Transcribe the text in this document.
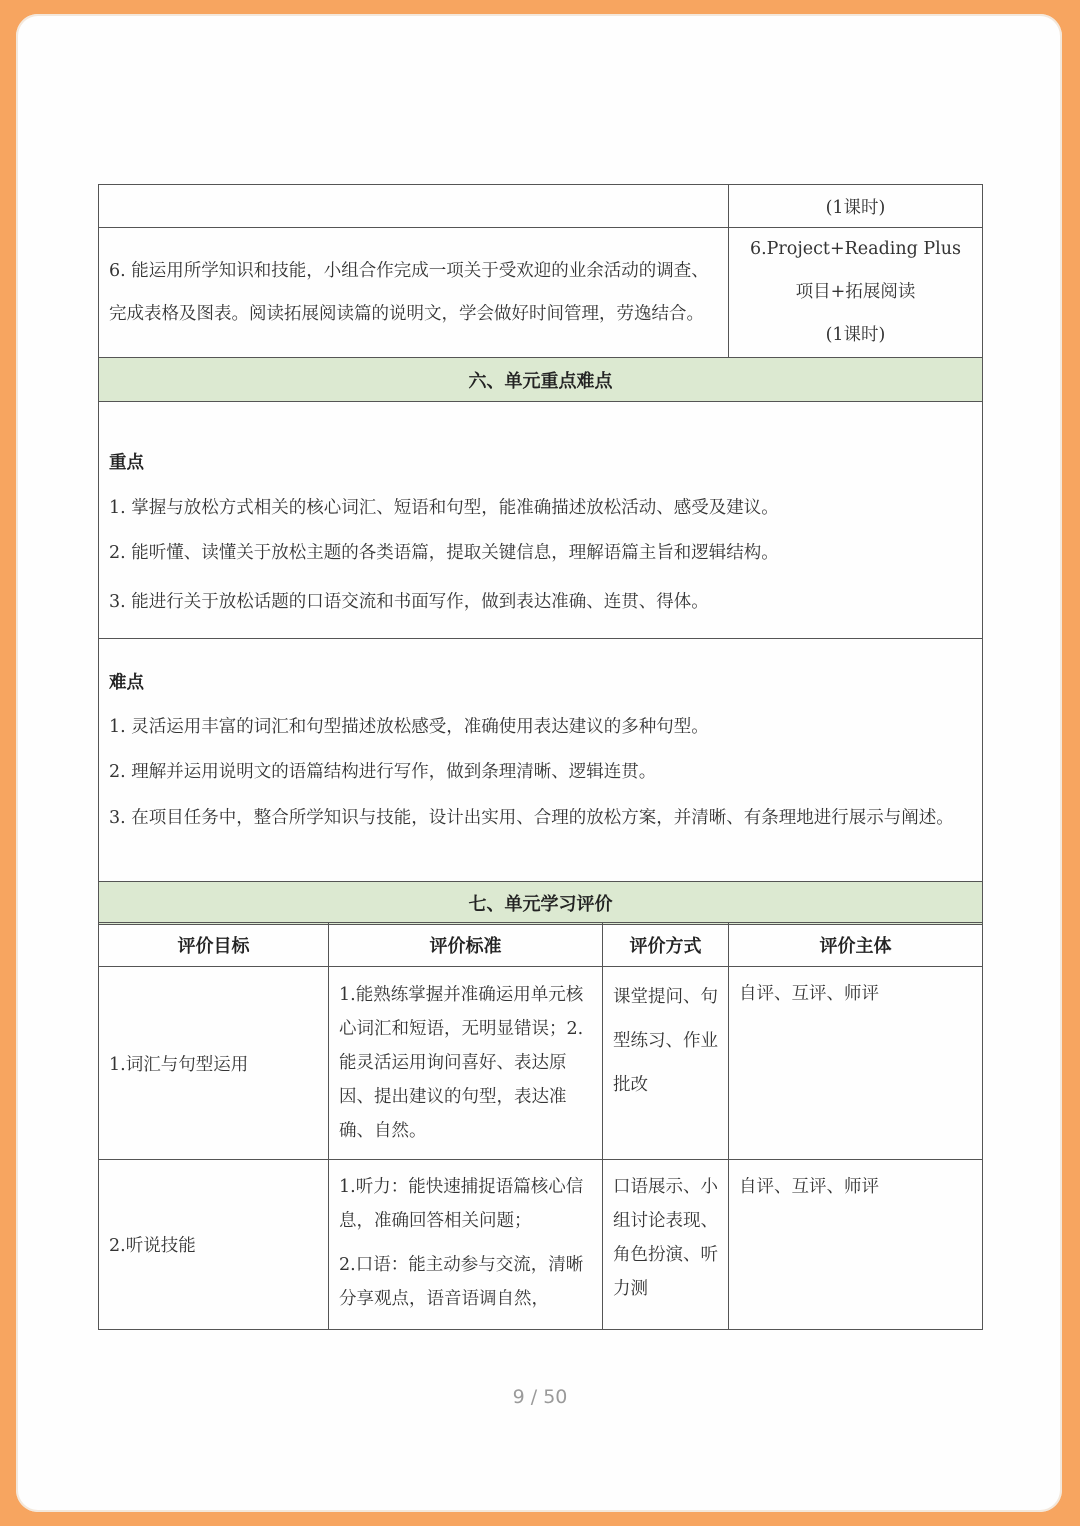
	(1课时)
6. 能运用所学知识和技能，小组合作完成一项关于受欢迎的业余活动的调查、完成表格及图表。阅读拓展阅读篇的说明文，学会做好时间管理，劳逸结合。	6.Project+Reading Plus
项目+拓展阅读
(1课时)

六、单元重点难点	

重点
1. 掌握与放松方式相关的核心词汇、短语和句型，能准确描述放松活动、感受及建议。
2. 能听懂、读懂关于放松主题的各类语篇，提取关键信息，理解语篇主旨和逻辑结构。
3. 能进行关于放松话题的口语交流和书面写作，做到表达准确、连贯、得体。	

难点
1. 灵活运用丰富的词汇和句型描述放松感受，准确使用表达建议的多种句型。
2. 理解并运用说明文的语篇结构进行写作，做到条理清晰、逻辑连贯。
3. 在项目任务中，整合所学知识与技能，设计出实用、合理的放松方案，并清晰、有条理地进行展示与阐述。	

七、单元学习评价	
评价目标	评价标准	评价方式	评价主体
1.词汇与句型运用	1.能熟练掌握并准确运用单元核心词汇和短语，无明显错误；2.能灵活运用询问喜好、表达原因、提出建议的句型，表达准确、自然。	课堂提问、句型练习、作业批改	自评、互评、师评
2.听说技能	1.听力：能快速捕捉语篇核心信息，准确回答相关问题；
2.口语：能主动参与交流，清晰分享观点，语音语调自然，	口语展示、小组讨论表现、角色扮演、听力测	自评、互评、师评
9 / 50
